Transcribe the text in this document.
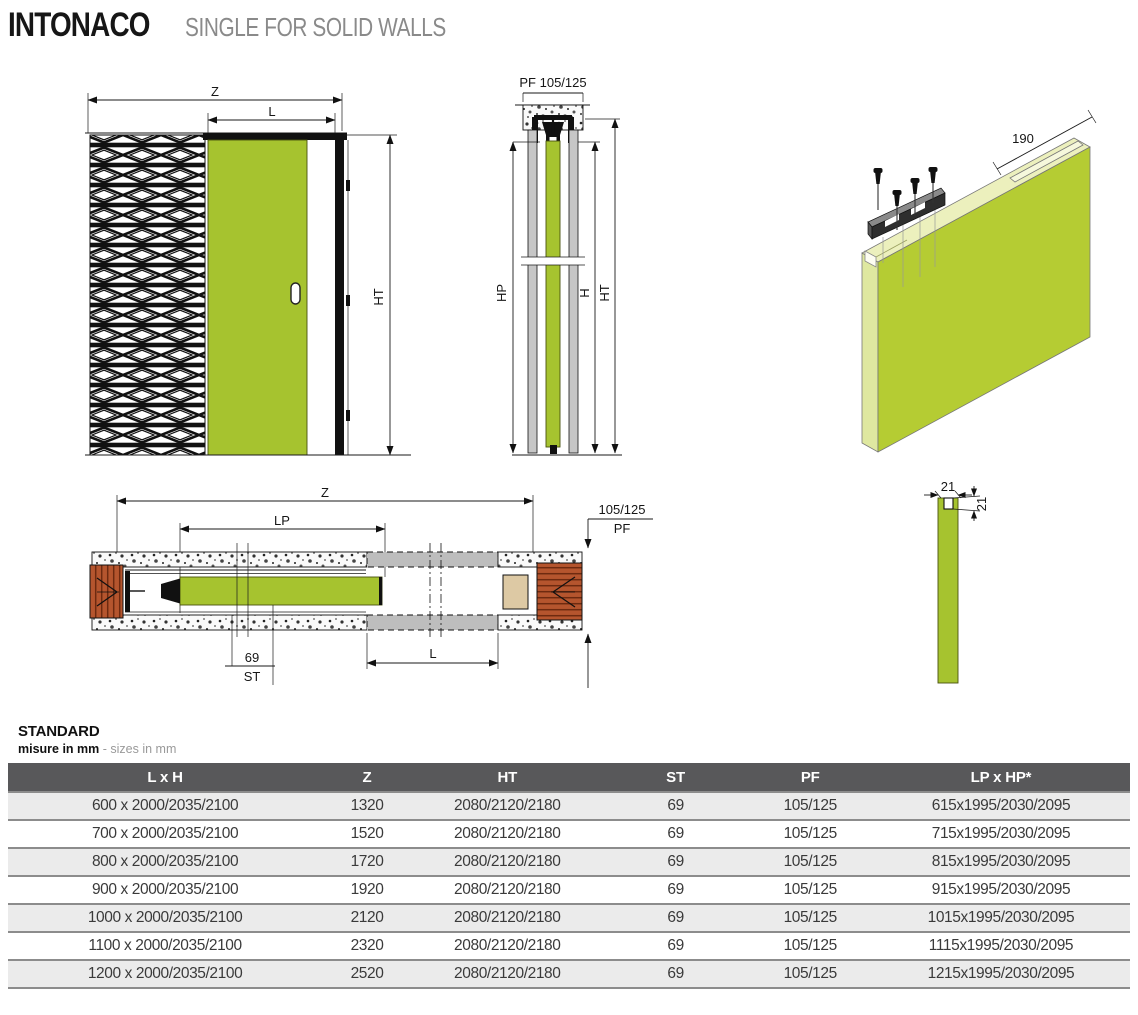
INTONACO SINGLE FOR SOLID WALLS
Z
L
HT
PF 105/125
HP	H HT
190
Z
LP
105/125
PF
69
ST
L
21
21
STANDARD
misure in mm - sizes in mm
L x H	Z	HT	ST	PF	LP x HP*
600 x 2000/2035/2100	1320	2080/2120/2180	69	105/125	615x1995/2030/2095
700 x 2000/2035/2100	1520	2080/2120/2180	69	105/125	715x1995/2030/2095
800 x 2000/2035/2100	1720	2080/2120/2180	69	105/125	815x1995/2030/2095
900 x 2000/2035/2100	1920	2080/2120/2180	69	105/125	915x1995/2030/2095
1000 x 2000/2035/2100	2120	2080/2120/2180	69	105/125	1015x1995/2030/2095
1100 x 2000/2035/2100	2320	2080/2120/2180	69	105/125	1115x1995/2030/2095
1200 x 2000/2035/2100	2520	2080/2120/2180	69	105/125	1215x1995/2030/2095
